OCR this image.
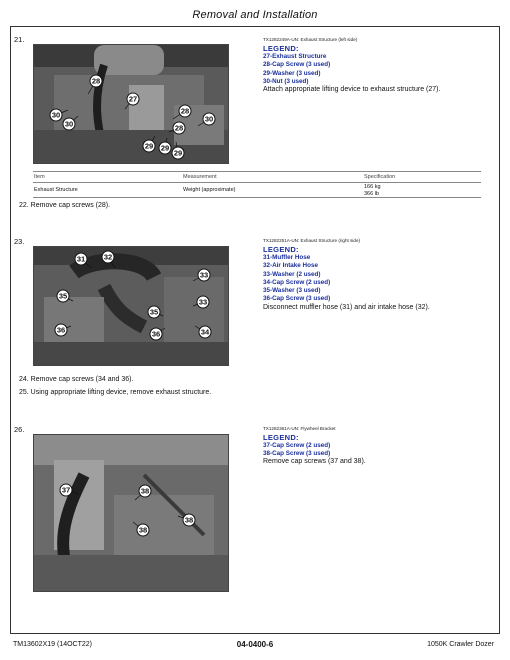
Removal and Installation
21.
28
27
30
30
28
28
30
29 29
29
TX1282249A-UN: Exhaust Structure (left side)
LEGEND:
27-Exhaust Structure
28-Cap Screw (3 used)
29-Washer (3 used)
30-Nut (3 used)
Attach appropriate lifting device to exhaust structure (27).
Item	Measurement	Specification
Exhaust Structure	Weight (approximate)	166 kg
366 lb
22. Remove cap screws (28).
23.
31 32
33
33
35
35
36	36	34
TX1282251A-UN: Exhaust Structure (right side)
LEGEND:
31-Muffler Hose
32-Air Intake Hose
33-Washer (2 used)
34-Cap Screw (2 used)
35-Washer (3 used)
36-Cap Screw (3 used)
Disconnect muffler hose (31) and air intake hose (32).
24. Remove cap screws (34 and 36).
25. Using appropriate lifting device, remove exhaust structure.
26.
37	38
38
38
TX1282361A-UN: Flywheel Bracket
LEGEND:
37-Cap Screw (2 used)
38-Cap Screw (3 used)
Remove cap screws (37 and 38).
TM13602X19 (14OCT22)	04-0400-6	1050K Crawler Dozer
